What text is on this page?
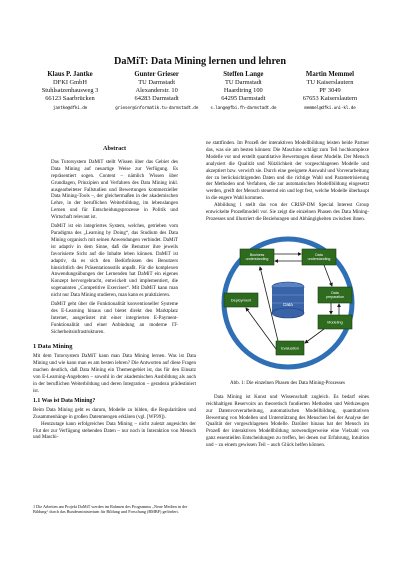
DaMiT: Data Mining lernen und lehren
Klaus P. Jantke
DFKI GmbH
Stuhlsatzenhausweg 3
66123 Saarbrücken
jantke@dfki.de
Gunter Grieser
TU Darmstadt
Alexanderstr. 10
64283 Darmstadt
grieser@informatik.tu-darmstadt.de
Steffen Lange
TU Darmstadt
Haardtring 100
64295 Darmstadt
s.lange@fbi.fh-darmstadt.de
Martin Memmel
TU Kaiserslautern
PF 3049
67653 Kaiserslautern
memmel@dfki.uni-kl.de
Abstract

Das Tutorsystem DaMiT stellt Wissen über das Gebiet des Data Mining auf neuartige Weise zur Verfügung. Es repräsentiert sogen. Content – nämlich Wissen über Grundlagen, Prinzipien und Verfahren des Data Mining inkl. ausgearbeiteter Fallstudien und Bewertungen kommerzieller Data Mining-Tools –, der gleichermaßen in der akademischen Lehre, in der beruflichen Weiterbildung, im lebenslangen Lernen und für Entscheidungsprozesse in Politik und Wirtschaft relevant ist.

DaMiT ist ein integriertes System, welches, getrieben vom Paradigma des „Learning by Doing“, das Studium des Data Mining organisch mit seinen Anwendungen verbindet. DaMiT ist adaptiv in dem Sinne, daß die Benutzer ihre jeweils favorisierte Sicht auf die Inhalte leben können. DaMiT ist adaptiv, da es sich den Bedürfnissen des Benutzers hinsichtlich des Präsentationsstils anpaßt. Für die komplexen Anwendungsübungen der Lernenden hat DaMiT ein eigenes Konzept hervorgebracht, entwickelt und implementiert, die sogenannten „Competitive Exercises“. Mit DaMiT kann man nicht nur Data Mining studieren, man kann es praktizieren.

DaMiT geht über die Funktionalität konventioneller Systeme des E-Learning hinaus und bietet direkt den Marktplatz Internet, ausgerüstet mit einer integrierten E-Payment-Funktionalität und einer Anbindung an moderne IT-Sicherheitsinfrastrukturen.

1 Data Mining

Mit dem Tutorsystem DaMiT kann man Data Mining lernen. Was ist Data Mining und wie kann man es am besten lehren? Die Antworten auf diese Fragen machen deutlich, daß Data Mining ein Themengebiet ist, das für den Einsatz von E-Learning-Angeboten – sowohl in der akademischen Ausbildung als auch in der beruflichen Weiterbildung und deren Integration – geradezu prädestiniert ist.

1.1 Was ist Data Mining?

Beim Data Mining geht es darum, Modelle zu bilden, die Regularitäten und Zusammenhänge in großen Datenmengen erklären (vgl. [WF99]).

Heutzutage kann erfolgreiches Data Mining – nicht zuletzt angesichts der Flut der zur Verfügung stehenden Daten – nur noch in Interaktion von Mensch und Maschi-

ne stattfinden. Im Prozeß der interaktiven Modellbildung leisten beide Partner das, was sie am besten können: Die Maschine schlägt zum Teil hochkomplexe Modelle vor und erstellt quantitative Bewertungen dieser Modelle. Der Mensch analysiert die Qualität und Nützlichkeit der vorgeschlagenen Modelle und akzeptiert bzw. verwirft sie. Durch eine geeignete Auswahl und Vorverarbeitung der zu berücksichtigenden Daten und die richtige Wahl und Parametrisierung der Methoden und Verfahren, die zur automatischen Modellbildung eingesetzt werden, greift der Mensch steuernd ein und legt fest, welche Modelle überhaupt in die engere Wahl kommen.

Abbildung 1 stellt das von der CRISP-DM Special Interest Group entwickelte Prozeßmodell vor. Sie zeigt die einzelnen Phasen des Data Mining-Prozesses und illustriert die Beziehungen und Abhängigkeiten zwischen ihnen.

Data
Business understanding
Data understanding
Data preparation
Modeling
Evaluation
Deployment
Abb. 1: Die einzelnen Phasen des Data Mining-Prozesses

Data Mining ist Kunst und Wissenschaft zugleich. Es bedarf eines reichhaltigen Reservoirs an theoretisch fundierten Methoden und Werkzeugen zur Datenvorverarbeitung, automatischen Modellbildung, quantitativen Bewertung von Modellen und Unterstützung des Menschen bei der Analyse der Qualität der vorgeschlagenen Modelle. Darüber hinaus hat der Mensch im Prozeß der interaktiven Modellbildung notwendigerweise eine Vielzahl von ganz essentiellen Entscheidungen zu treffen, bei denen nur Erfahrung, Intuition und – zu einem gewissen Teil – auch Glück helfen können.

1 Die Arbeiten am Projekt DaMiT werden im Rahmen des Programms „Neue Medien in der Bildung“ durch das Bundesministerium für Bildung und Forschung (BMBF) gefördert.
